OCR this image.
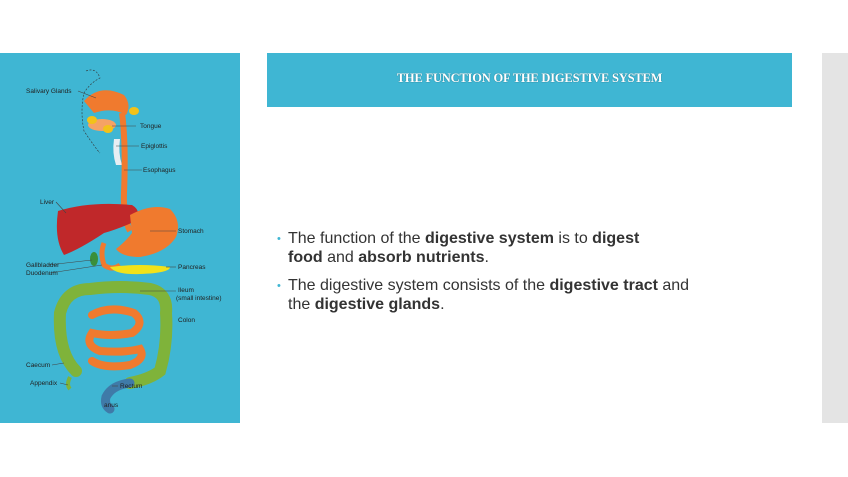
Salivary Glands
Tongue
Epiglottis
Esophagus
Liver
Stomach
Gallbladder
Duodenum
Pancreas
Ileum
(small intestine)
Colon
Caecum
Appendix	Rectum
anus
THE FUNCTION OF THE DIGESTIVE SYSTEM
• The function of the digestive system is to digest
food and absorb nutrients.
• The digestive system consists of the digestive tract and
the digestive glands.
